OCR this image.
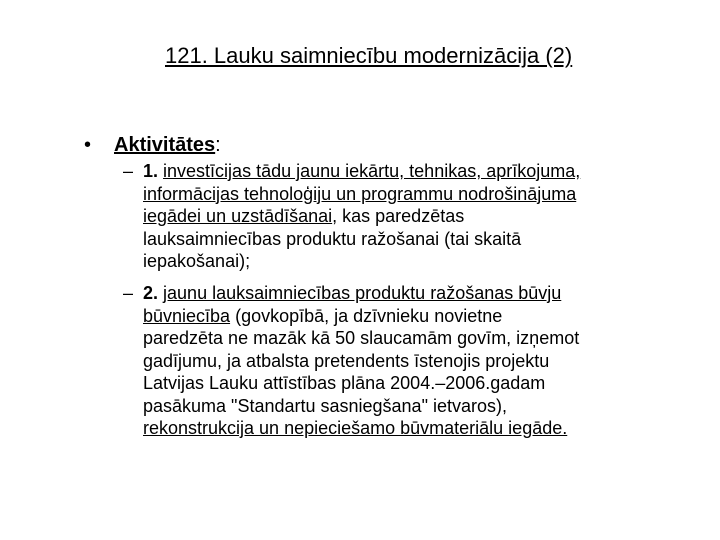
121. Lauku saimniecību modernizācija (2)
• Aktivitātes:
– 1. investīcijas tādu jaunu iekārtu, tehnikas, aprīkojuma,
informācijas tehnoloģiju un programmu nodrošinājuma
iegādei un uzstādīšanai, kas paredzētas
lauksaimniecības produktu ražošanai (tai skaitā
iepakošanai);
– 2. jaunu lauksaimniecības produktu ražošanas būvju
būvniecība (govkopībā, ja dzīvnieku novietne
paredzēta ne mazāk kā 50 slaucamām govīm, izņemot
gadījumu, ja atbalsta pretendents īstenojis projektu
Latvijas Lauku attīstības plāna 2004.–2006.gadam
pasākuma "Standartu sasniegšana" ietvaros),
rekonstrukcija un nepieciešamo būvmateriālu iegāde.
